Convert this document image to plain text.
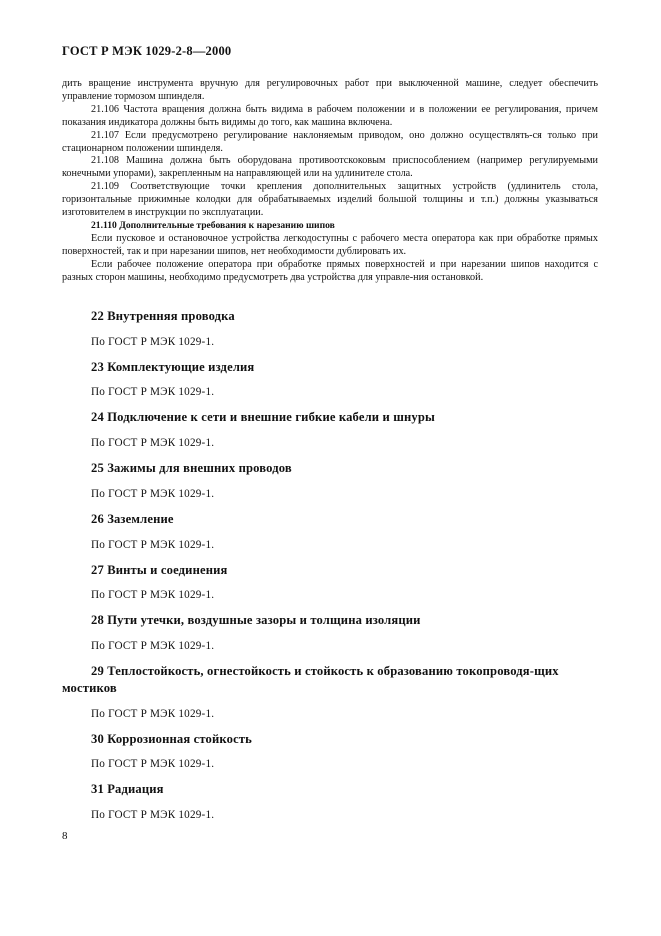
ГОСТ Р МЭК 1029-2-8—2000

дить вращение инструмента вручную для регулировочных работ при выключенной машине, следует обеспечить управление тормозом шпинделя.

21.106 Частота вращения должна быть видима в рабочем положении и в положении ее регулирования, причем показания индикатора должны быть видимы до того, как машина включена.

21.107 Если предусмотрено регулирование наклоняемым приводом, оно должно осуществлять-ся только при стационарном положении шпинделя.

21.108 Машина должна быть оборудована противоотскоковым приспособлением (например регулируемыми конечными упорами), закрепленным на направляющей или на удлинителе стола.

21.109 Соответствующие точки крепления дополнительных защитных устройств (удлинитель стола, горизонтальные прижимные колодки для обрабатываемых изделий большой толщины и т.п.) должны указываться изготовителем в инструкции по эксплуатации.

21.110 Дополнительные требования к нарезанию шипов

Если пусковое и остановочное устройства легкодоступны с рабочего места оператора как при обработке прямых поверхностей, так и при нарезании шипов, нет необходимости дублировать их.

Если рабочее положение оператора при обработке прямых поверхностей и при нарезании шипов находится с разных сторон машины, необходимо предусмотреть два устройства для управле-ния остановкой.

22 Внутренняя проводка
По ГОСТ Р МЭК 1029-1.
23 Комплектующие изделия
По ГОСТ Р МЭК 1029-1.
24 Подключение к сети и внешние гибкие кабели и шнуры
По ГОСТ Р МЭК 1029-1.
25 Зажимы для внешних проводов
По ГОСТ Р МЭК 1029-1.
26 Заземление
По ГОСТ Р МЭК 1029-1.
27 Винты и соединения
По ГОСТ Р МЭК 1029-1.
28 Пути утечки, воздушные зазоры и толщина изоляции
По ГОСТ Р МЭК 1029-1.
29 Теплостойкость, огнестойкость и стойкость к образованию токопроводя-щих мостиков
По ГОСТ Р МЭК 1029-1.
30 Коррозионная стойкость
По ГОСТ Р МЭК 1029-1.
31 Радиация
По ГОСТ Р МЭК 1029-1.
8
